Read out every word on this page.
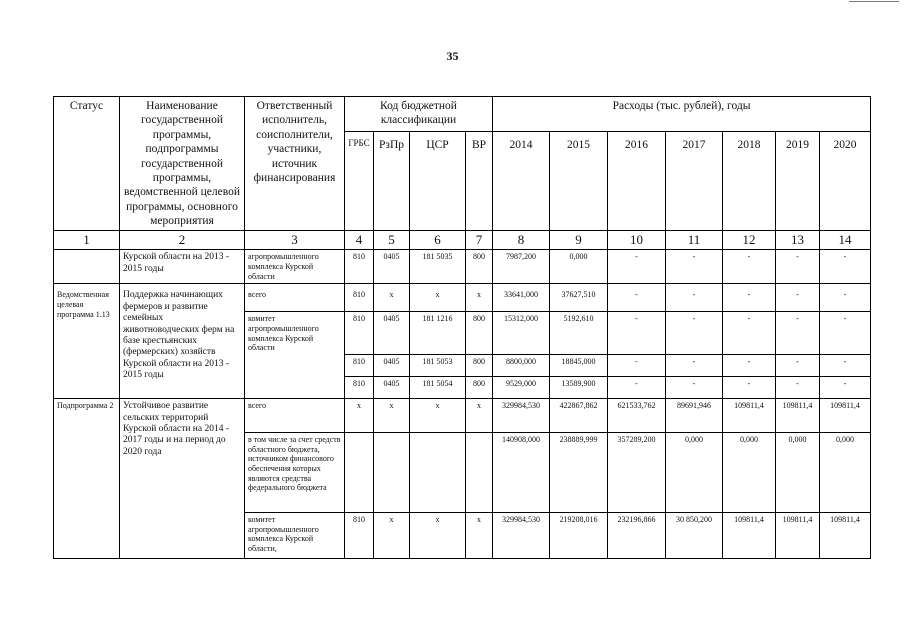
35
Статус	Наименование государственной программы, подпрограммы государственной программы, ведомственной целевой программы, основного мероприятия	Ответственный исполнитель, соисполнители, участники, источник финансирования	Код бюджетной классификации				Расходы (тыс. рублей), годы						
			ГРБС	РзПр	ЦСР	ВР	2014	2015	2016	2017	2018	2019	2020
1	2	3	4	5	6	7	8	9	10	11	12	13	14
	Курской области на 2013 - 2015 годы	агропромышленного комплекса Курской области	810	0405	181 5035	800	7987,200	0,000	-	-	-	-	-
Ведомственная целевая программа 1.13	Поддержка начинающих фермеров и развитие семейных животноводческих ферм на базе крестьянских (фермерских) хозяйств Курской области на 2013 - 2015 годы	всего	810	х	х	х	33641,000	37627,510	-	-	-	-	-
		комитет агропромышленного комплекса Курской области	810	0405	181 1216	800	15312,000	5192,610	-	-	-	-	-
			810	0405	181 5053	800	8800,000	18845,000	-	-	-	-	-
			810	0405	181 5054	800	9529,000	13589,900	-	-	-	-	-
Подпрограмма 2	Устойчивое развитие сельских территорий Курской области на 2014 - 2017 годы и на период до 2020 года	всего	х	х	х	х	329984,530	422867,862	621533,762	89691,946	109811,4	109811,4	109811,4
		в том числе за счет средств областного бюджета, источником финансового обеспечения которых являются средства федерального бюджета					140908,000	238889,999	357289,200	0,000	0,000	0,000	0,000
		комитет агропромышленного комплекса Курской области,	810	х	х	х	329984,530	219208,016	232196,866	30 850,200	109811,4	109811,4	109811,4
